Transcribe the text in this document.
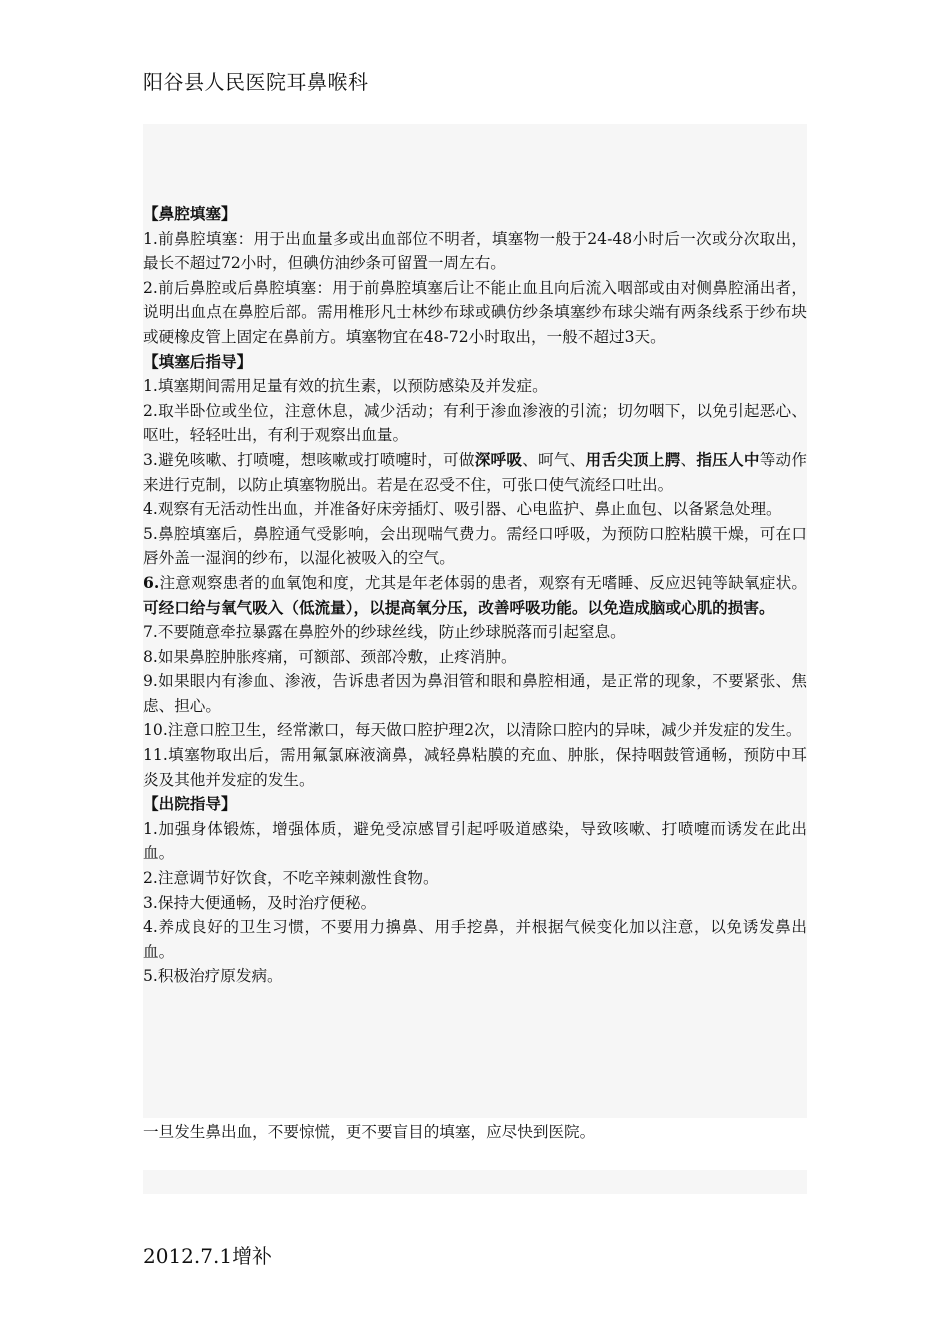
阳谷县人民医院耳鼻喉科

【鼻腔填塞】

1.前鼻腔填塞：用于出血量多或出血部位不明者，填塞物一般于24-48小时后一次或分次取出，最长不超过72小时，但碘仿油纱条可留置一周左右。

2.前后鼻腔或后鼻腔填塞：用于前鼻腔填塞后让不能止血且向后流入咽部或由对侧鼻腔涌出者，说明出血点在鼻腔后部。需用椎形凡士林纱布球或碘仿纱条填塞纱布球尖端有两条线系于纱布块或硬橡皮管上固定在鼻前方。填塞物宜在48-72小时取出，一般不超过3天。

【填塞后指导】

1.填塞期间需用足量有效的抗生素，以预防感染及并发症。

2.取半卧位或坐位，注意休息，减少活动；有利于渗血渗液的引流；切勿咽下，以免引起恶心、呕吐，轻轻吐出，有利于观察出血量。

3.避免咳嗽、打喷嚏，想咳嗽或打喷嚏时，可做深呼吸、呵气、用舌尖顶上腭、指压人中等动作来进行克制，以防止填塞物脱出。若是在忍受不住，可张口使气流经口吐出。

4.观察有无活动性出血，并准备好床旁插灯、吸引器、心电监护、鼻止血包、以备紧急处理。

5.鼻腔填塞后，鼻腔通气受影响，会出现喘气费力。需经口呼吸，为预防口腔粘膜干燥，可在口唇外盖一湿润的纱布，以湿化被吸入的空气。

6.注意观察患者的血氧饱和度，尤其是年老体弱的患者，观察有无嗜睡、反应迟钝等缺氧症状。可经口给与氧气吸入（低流量），以提高氧分压，改善呼吸功能。以免造成脑或心肌的损害。

7.不要随意牵拉暴露在鼻腔外的纱球丝线，防止纱球脱落而引起窒息。

8.如果鼻腔肿胀疼痛，可额部、颈部冷敷，止疼消肿。

9.如果眼内有渗血、渗液，告诉患者因为鼻泪管和眼和鼻腔相通，是正常的现象，不要紧张、焦虑、担心。

10.注意口腔卫生，经常漱口，每天做口腔护理2次，以清除口腔内的异味，减少并发症的发生。

11.填塞物取出后，需用氟氯麻液滴鼻，减轻鼻粘膜的充血、肿胀，保持咽鼓管通畅，预防中耳炎及其他并发症的发生。

【出院指导】

1.加强身体锻炼，增强体质，避免受凉感冒引起呼吸道感染，导致咳嗽、打喷嚏而诱发在此出血。

2.注意调节好饮食，不吃辛辣刺激性食物。

3.保持大便通畅，及时治疗便秘。

4.养成良好的卫生习惯，不要用力擤鼻、用手挖鼻，并根据气候变化加以注意，以免诱发鼻出血。

5.积极治疗原发病。

一旦发生鼻出血，不要惊慌，更不要盲目的填塞，应尽快到医院。
2012.7.1增补
